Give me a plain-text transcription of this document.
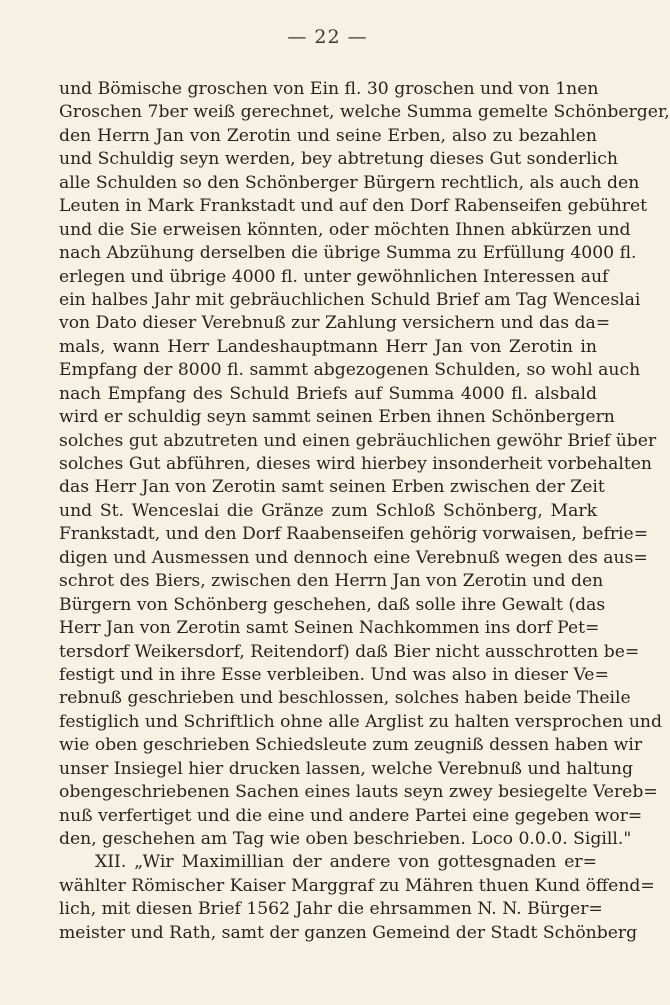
— 22 —
und Bömische groschen von Ein fl. 30 groschen und von 1nen
Groschen 7ber weiß gerechnet, welche Summa gemelte Schönberger,
den Herrn Jan von Zerotin und seine Erben, also zu bezahlen
und Schuldig seyn werden, bey abtretung dieses Gut sonderlich
alle Schulden so den Schönberger Bürgern rechtlich, als auch den
Leuten in Mark Frankstadt und auf den Dorf Rabenseifen gebühret
und die Sie erweisen könnten, oder möchten Ihnen abkürzen und
nach Abzühung derselben die übrige Summa zu Erfüllung 4000 fl.
erlegen und übrige 4000 fl. unter gewöhnlichen Interessen auf
ein halbes Jahr mit gebräuchlichen Schuld Brief am Tag Wenceslai
von Dato dieser Verebnuß zur Zahlung versichern und das da=
mals, wann Herr Landeshauptmann Herr Jan von Zerotin in
Empfang der 8000 fl. sammt abgezogenen Schulden, so wohl auch
nach Empfang des Schuld Briefs auf Summa 4000 fl. alsbald
wird er schuldig seyn sammt seinen Erben ihnen Schönbergern
solches gut abzutreten und einen gebräuchlichen gewöhr Brief über
solches Gut abführen, dieses wird hierbey insonderheit vorbehalten
das Herr Jan von Zerotin samt seinen Erben zwischen der Zeit
und St. Wenceslai die Gränze zum Schloß Schönberg, Mark
Frankstadt, und den Dorf Raabenseifen gehörig vorwaisen, befrie=
digen und Ausmessen und dennoch eine Verebnuß wegen des aus=
schrot des Biers, zwischen den Herrn Jan von Zerotin und den
Bürgern von Schönberg geschehen, daß solle ihre Gewalt (das
Herr Jan von Zerotin samt Seinen Nachkommen ins dorf Pet=
tersdorf Weikersdorf, Reitendorf) daß Bier nicht ausschrotten be=
festigt und in ihre Esse verbleiben. Und was also in dieser Ve=
rebnuß geschrieben und beschlossen, solches haben beide Theile
festiglich und Schriftlich ohne alle Arglist zu halten versprochen und
wie oben geschrieben Schiedsleute zum zeugniß dessen haben wir
unser Insiegel hier drucken lassen, welche Verebnuß und haltung
obengeschriebenen Sachen eines lauts seyn zwey besiegelte Vereb=
nuß verfertiget und die eine und andere Partei eine gegeben wor=
den, geschehen am Tag wie oben beschrieben. Loco 0.0.0. Sigill."
XII. „Wir Maximillian der andere von gottesgnaden er=
wählter Römischer Kaiser Marggraf zu Mähren thuen Kund öffend=
lich, mit diesen Brief 1562 Jahr die ehrsammen N. N. Bürger=
meister und Rath, samt der ganzen Gemeind der Stadt Schönberg
